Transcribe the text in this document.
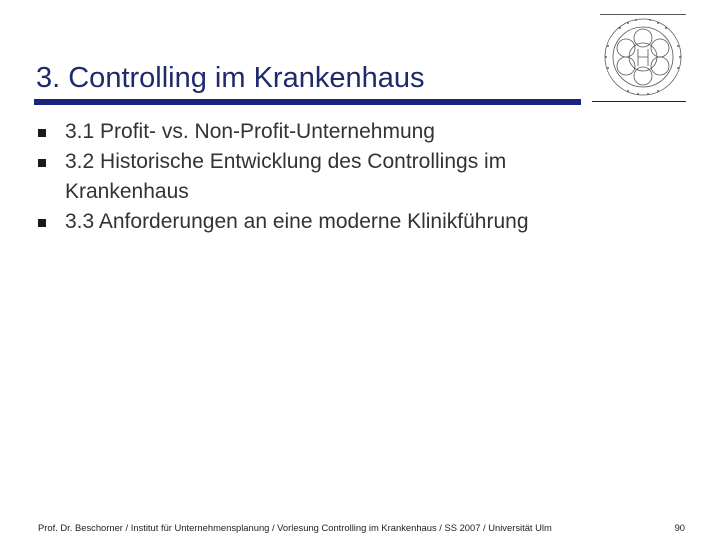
3. Controlling im Krankenhaus
3.1 Profit- vs. Non-Profit-Unternehmung
3.2 Historische Entwicklung des Controllings im Krankenhaus
3.3 Anforderungen an eine moderne Klinikführung
Prof. Dr. Beschorner / Institut für Unternehmensplanung / Vorlesung Controlling im Krankenhaus / SS 2007 / Universität Ulm	90
